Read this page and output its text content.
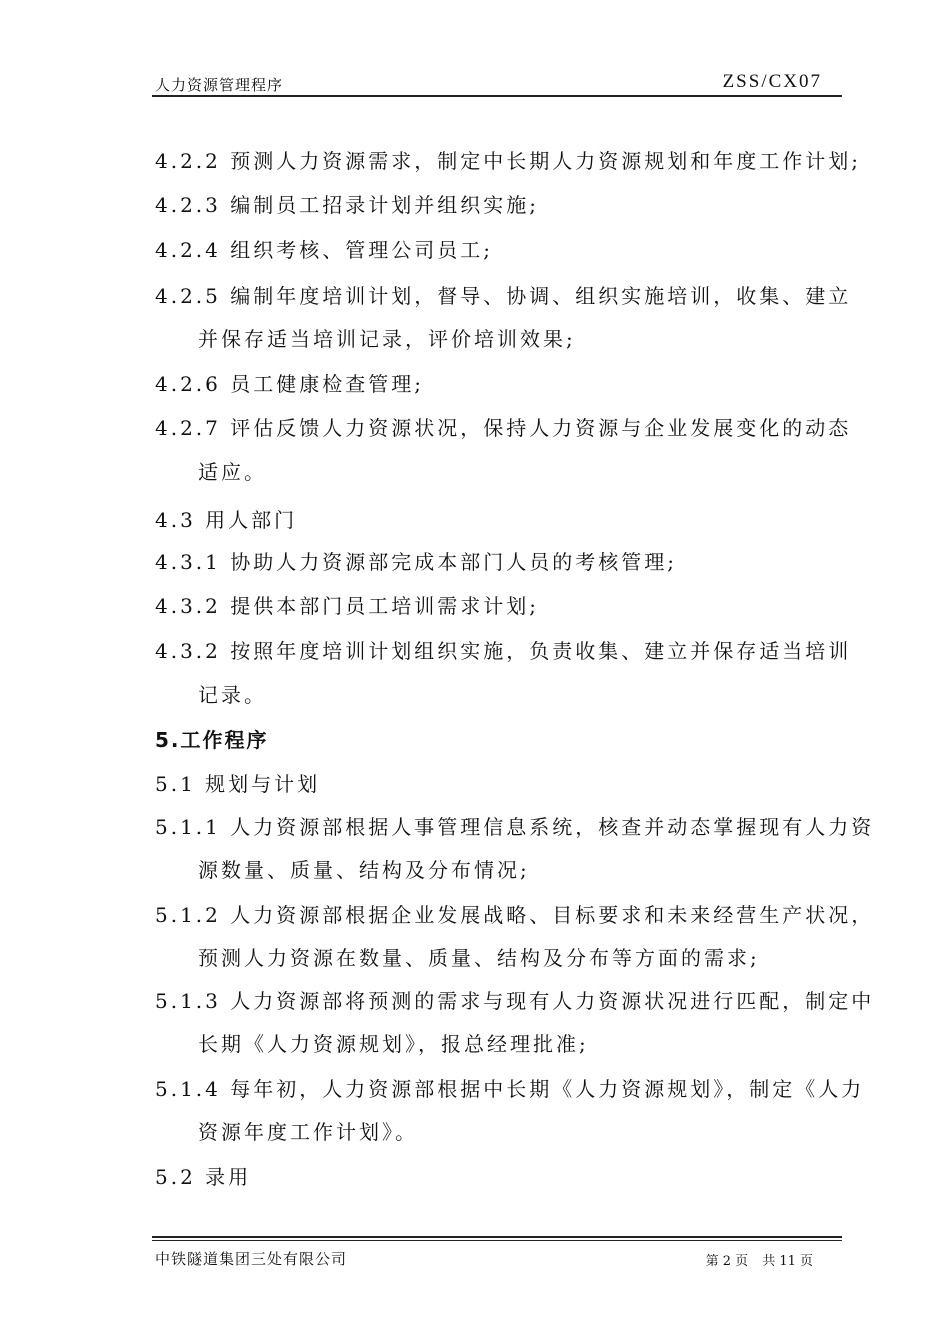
人力资源管理程序	ZSS/CX07
4.2.2 预测人力资源需求，制定中长期人力资源规划和年度工作计划;
4.2.3 编制员工招录计划并组织实施;
4.2.4 组织考核、管理公司员工;
4.2.5 编制年度培训计划，督导、协调、组织实施培训，收集、建立
并保存适当培训记录，评价培训效果;
4.2.6 员工健康检查管理;
4.2.7 评估反馈人力资源状况，保持人力资源与企业发展变化的动态
适应。
4.3 用人部门
4.3.1 协助人力资源部完成本部门人员的考核管理;
4.3.2 提供本部门员工培训需求计划;
4.3.2 按照年度培训计划组织实施，负责收集、建立并保存适当培训
记录。
5.工作程序
5.1 规划与计划
5.1.1 人力资源部根据人事管理信息系统，核查并动态掌握现有人力资
源数量、质量、结构及分布情况;
5.1.2 人力资源部根据企业发展战略、目标要求和未来经营生产状况，
预测人力资源在数量、质量、结构及分布等方面的需求;
5.1.3 人力资源部将预测的需求与现有人力资源状况进行匹配，制定中
长期《人力资源规划》，报总经理批准;
5.1.4 每年初，人力资源部根据中长期《人力资源规划》，制定《人力
资源年度工作计划》。
5.2 录用
中铁隧道集团三处有限公司	第 2 页 共 11 页
